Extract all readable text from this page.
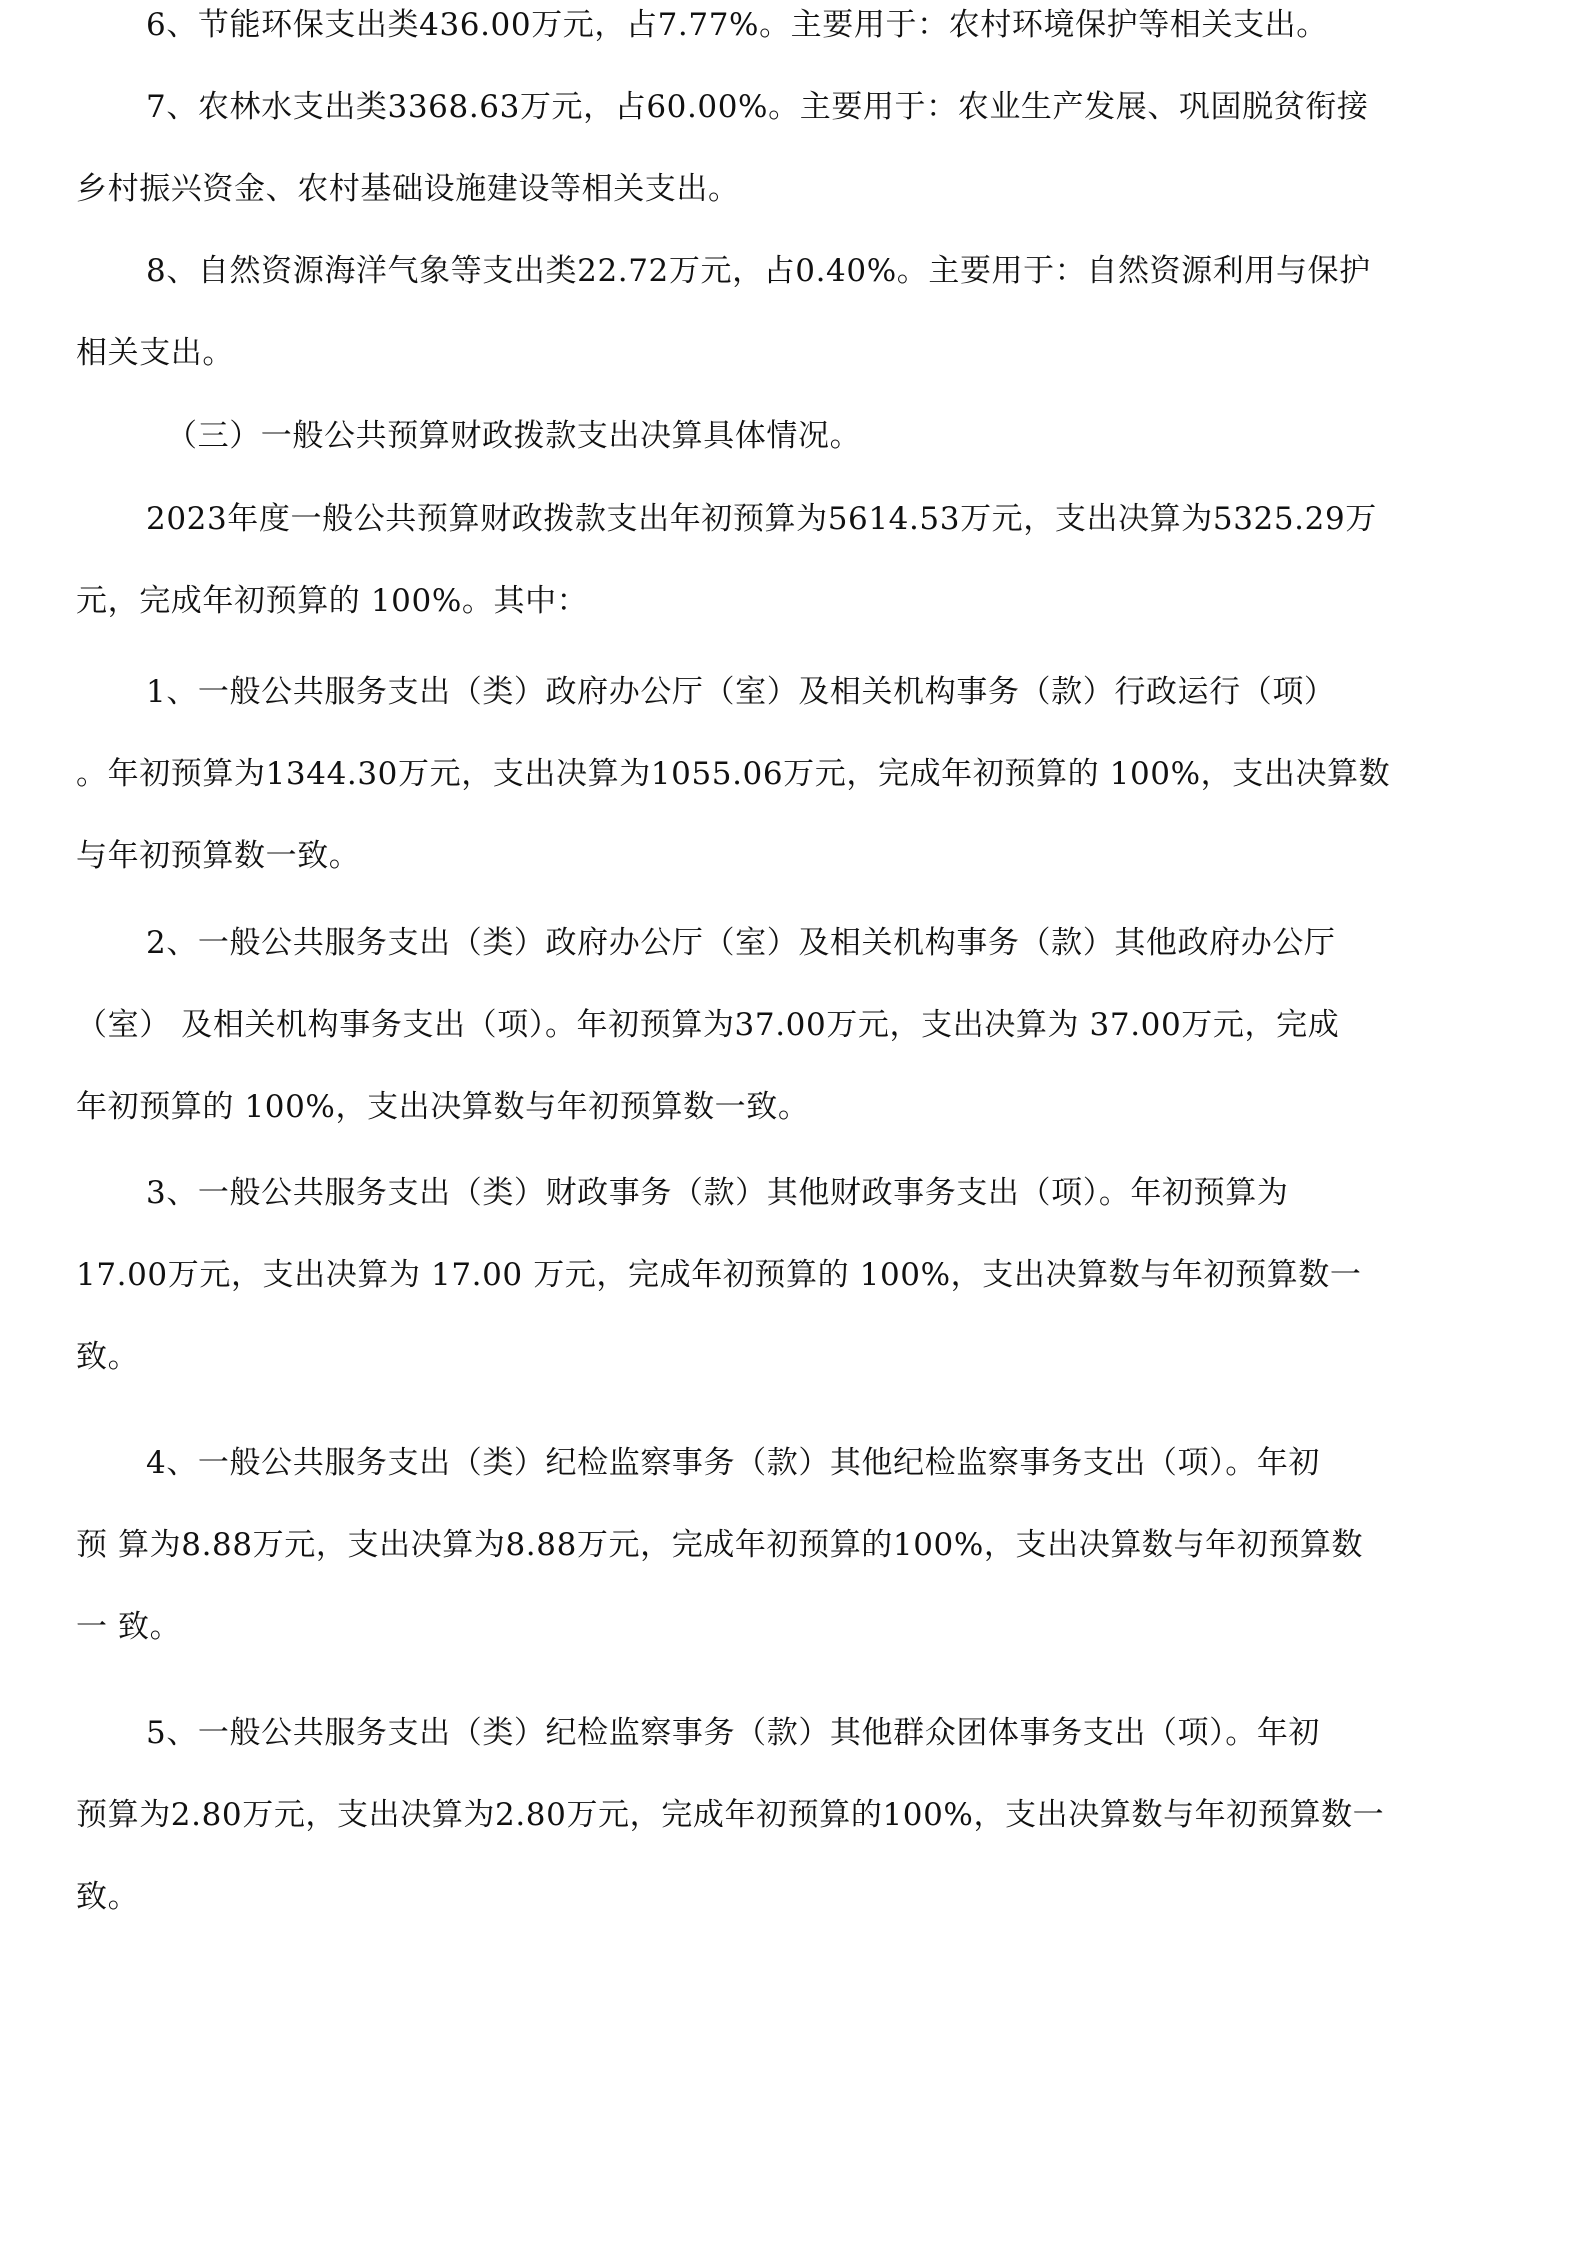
6、节能环保支出类436.00万元，占7.77%。主要用于：农村环境保护等相关支出。

7、农林水支出类3368.63万元，占60.00%。主要用于：农业生产发展、巩固脱贫衔接
乡村振兴资金、农村基础设施建设等相关支出。

8、自然资源海洋气象等支出类22.72万元，占0.40%。主要用于：自然资源利用与保护
相关支出。

（三）一般公共预算财政拨款支出决算具体情况。

2023年度一般公共预算财政拨款支出年初预算为5614.53万元，支出决算为5325.29万
元，完成年初预算的 100%。其中：

1、一般公共服务支出（类）政府办公厅（室）及相关机构事务（款）行政运行（项）
。年初预算为1344.30万元，支出决算为1055.06万元，完成年初预算的 100%，支出决算数
与年初预算数一致。

2、一般公共服务支出（类）政府办公厅（室）及相关机构事务（款）其他政府办公厅
（室） 及相关机构事务支出（项）。年初预算为37.00万元，支出决算为 37.00万元，完成
年初预算的 100%，支出决算数与年初预算数一致。

3、一般公共服务支出（类）财政事务（款）其他财政事务支出（项）。年初预算为
17.00万元，支出决算为 17.00 万元，完成年初预算的 100%，支出决算数与年初预算数一
致。

4、一般公共服务支出（类）纪检监察事务（款）其他纪检监察事务支出（项）。年初
预 算为8.88万元，支出决算为8.88万元，完成年初预算的100%，支出决算数与年初预算数
一 致。

5、一般公共服务支出（类）纪检监察事务（款）其他群众团体事务支出（项）。年初
预算为2.80万元，支出决算为2.80万元，完成年初预算的100%，支出决算数与年初预算数一
致。
